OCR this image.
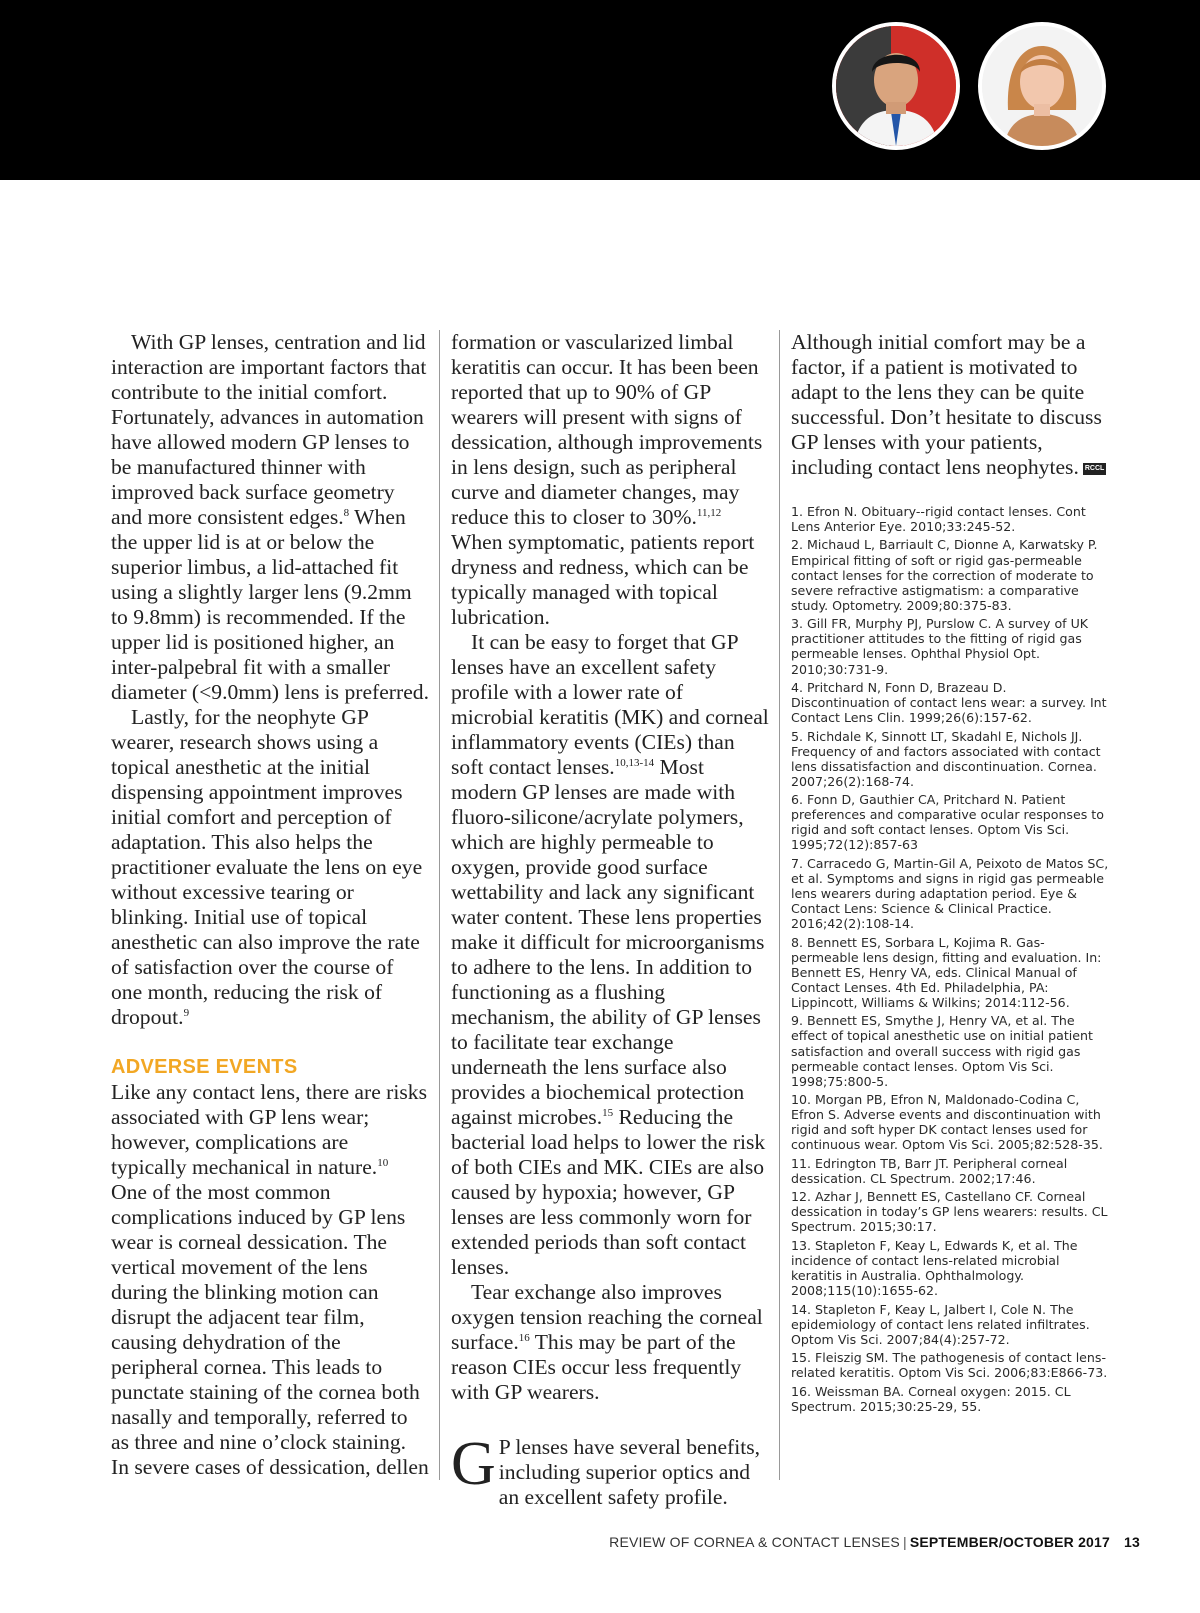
With GP lenses, centration and lid interaction are important factors that contribute to the initial comfort. Fortunately, advances in automation have allowed modern GP lenses to be manufactured thinner with improved back surface geometry and more consistent edges.$^8$ When the upper lid is at or below the superior limbus, a lid-attached fit using a slightly larger lens (9.2mm to 9.8mm) is recommended. If the upper lid is positioned higher, an inter-palpebral fit with a smaller diameter (<9.0mm) lens is preferred.

Lastly, for the neophyte GP wearer, research shows using a topical anesthetic at the initial dispensing appointment improves initial comfort and perception of adaptation. This also helps the practitioner evaluate the lens on eye without excessive tearing or blinking. Initial use of topical anesthetic can also improve the rate of satisfaction over the course of one month, reducing the risk of dropout.$^9$

ADVERSE EVENTS

Like any contact lens, there are risks associated with GP lens wear; however, complications are typically mechanical in nature.$^{10}$ One of the most common complications induced by GP lens wear is corneal dessication. The vertical movement of the lens during the blinking motion can disrupt the adjacent tear film, causing dehydration of the peripheral cornea. This leads to punctate staining of the cornea both nasally and temporally, referred to as three and nine o’clock staining. In severe cases of dessication, dellen

formation or vascularized limbal keratitis can occur. It has been been reported that up to 90% of GP wearers will present with signs of dessication, although improvements in lens design, such as peripheral curve and diameter changes, may reduce this to closer to 30%.$^{11,12}$ When symptomatic, patients report dryness and redness, which can be typically managed with topical lubrication.

It can be easy to forget that GP lenses have an excellent safety profile with a lower rate of microbial keratitis (MK) and corneal inflammatory events (CIEs) than soft contact lenses.$^{10,13-14}$ Most modern GP lenses are made with fluoro-silicone/acrylate polymers, which are highly permeable to oxygen, provide good surface wettability and lack any significant water content. These lens properties make it difficult for microorganisms to adhere to the lens. In addition to functioning as a flushing mechanism, the ability of GP lenses to facilitate tear exchange underneath the lens surface also provides a biochemical protection against microbes.$^{15}$ Reducing the bacterial load helps to lower the risk of both CIEs and MK. CIEs are also caused by hypoxia; however, GP lenses are less commonly worn for extended periods than soft contact lenses.

Tear exchange also improves oxygen tension reaching the corneal surface.$^{16}$ This may be part of the reason CIEs occur less frequently with GP wearers.

G P lenses have several benefits, including superior optics and an excellent safety profile.

Although initial comfort may be a factor, if a patient is motivated to adapt to the lens they can be quite successful. Don’t hesitate to discuss GP lenses with your patients, including contact lens neophytes. RCCL

1. Efron N. Obituary--rigid contact lenses. Cont Lens Anterior Eye. 2010;33:245-52.
2. Michaud L, Barriault C, Dionne A, Karwatsky P. Empirical fitting of soft or rigid gas-permeable contact lenses for the correction of moderate to severe refractive astigmatism: a comparative study. Optometry. 2009;80:375-83.
3. Gill FR, Murphy PJ, Purslow C. A survey of UK practitioner attitudes to the fitting of rigid gas permeable lenses. Ophthal Physiol Opt. 2010;30:731-9.
4. Pritchard N, Fonn D, Brazeau D. Discontinuation of contact lens wear: a survey. Int Contact Lens Clin. 1999;26(6):157-62.
5. Richdale K, Sinnott LT, Skadahl E, Nichols JJ. Frequency of and factors associated with contact lens dissatisfaction and discontinuation. Cornea. 2007;26(2):168-74.
6. Fonn D, Gauthier CA, Pritchard N. Patient preferences and comparative ocular responses to rigid and soft contact lenses. Optom Vis Sci. 1995;72(12):857-63
7. Carracedo G, Martin-Gil A, Peixoto de Matos SC, et al. Symptoms and signs in rigid gas permeable lens wearers during adaptation period. Eye & Contact Lens: Science & Clinical Practice. 2016;42(2):108-14.
8. Bennett ES, Sorbara L, Kojima R. Gas-permeable lens design, fitting and evaluation. In: Bennett ES, Henry VA, eds. Clinical Manual of Contact Lenses. 4th Ed. Philadelphia, PA: Lippincott, Williams & Wilkins; 2014:112-56.
9. Bennett ES, Smythe J, Henry VA, et al. The effect of topical anesthetic use on initial patient satisfaction and overall success with rigid gas permeable contact lenses. Optom Vis Sci. 1998;75:800-5.
10. Morgan PB, Efron N, Maldonado-Codina C, Efron S. Adverse events and discontinuation with rigid and soft hyper DK contact lenses used for continuous wear. Optom Vis Sci. 2005;82:528-35.
11. Edrington TB, Barr JT. Peripheral corneal dessication. CL Spectrum. 2002;17:46.
12. Azhar J, Bennett ES, Castellano CF. Corneal dessication in today’s GP lens wearers: results. CL Spectrum. 2015;30:17.
13. Stapleton F, Keay L, Edwards K, et al. The incidence of contact lens-related microbial keratitis in Australia. Ophthalmology. 2008;115(10):1655-62.
14. Stapleton F, Keay L, Jalbert I, Cole N. The epidemiology of contact lens related infiltrates. Optom Vis Sci. 2007;84(4):257-72.
15. Fleiszig SM. The pathogenesis of contact lens-related keratitis. Optom Vis Sci. 2006;83:E866-73.
16. Weissman BA. Corneal oxygen: 2015. CL Spectrum. 2015;30:25-29, 55.
REVIEW OF CORNEA & CONTACT LENSES | SEPTEMBER/OCTOBER 2017 13
